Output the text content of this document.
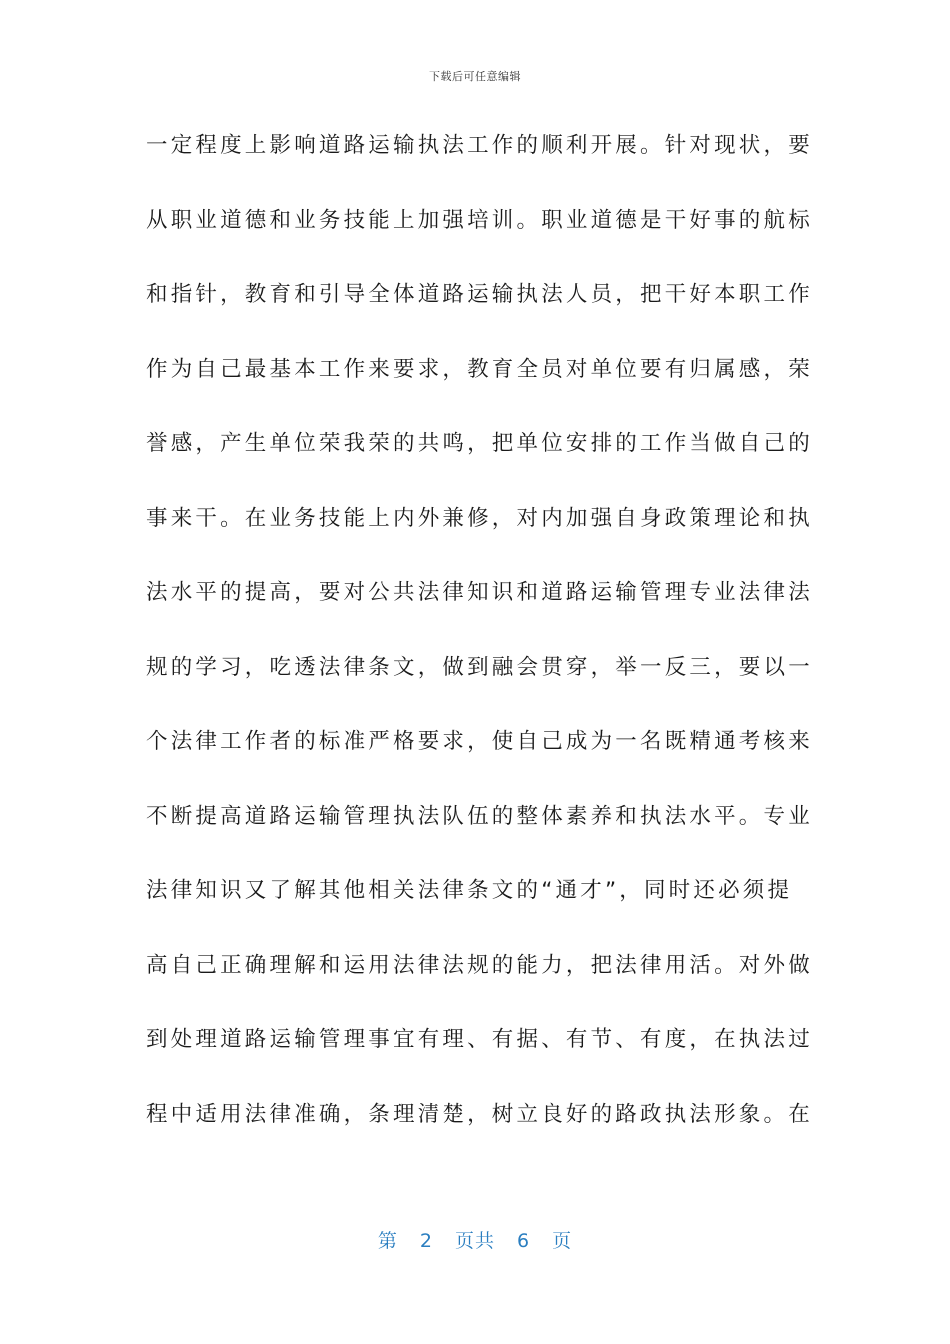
下载后可任意编辑
一定程度上影响道路运输执法工作的顺利开展。针对现状，要
从职业道德和业务技能上加强培训。职业道德是干好事的航标
和指针，教育和引导全体道路运输执法人员，把干好本职工作
作为自己最基本工作来要求，教育全员对单位要有归属感，荣
誉感，产生单位荣我荣的共鸣，把单位安排的工作当做自己的
事来干。在业务技能上内外兼修，对内加强自身政策理论和执
法水平的提高，要对公共法律知识和道路运输管理专业法律法
规的学习，吃透法律条文，做到融会贯穿，举一反三，要以一
个法律工作者的标准严格要求，使自己成为一名既精通考核来
不断提高道路运输管理执法队伍的整体素养和执法水平。专业
法律知识又了解其他相关法律条文的“通才”，同时还必须提
高自己正确理解和运用法律法规的能力，把法律用活。对外做
到处理道路运输管理事宜有理、有据、有节、有度，在执法过
程中适用法律准确，条理清楚，树立良好的路政执法形象。在
第 2 页共 6 页
